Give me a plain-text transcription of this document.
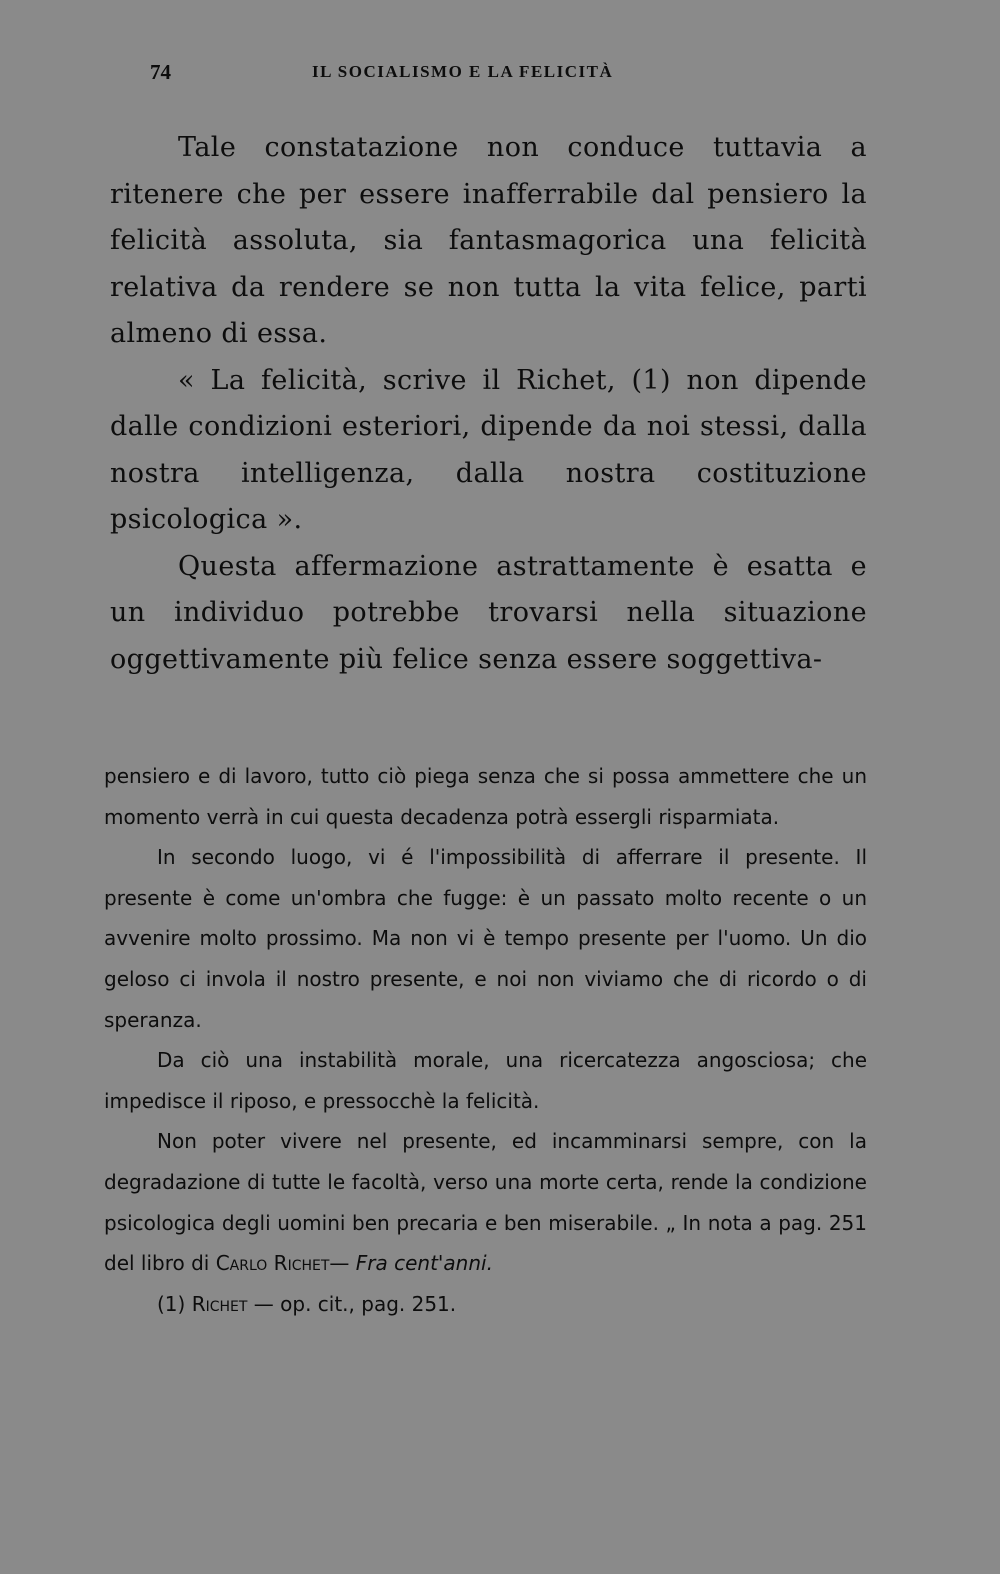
74	IL SOCIALISMO E LA FELICITÀ

Tale constatazione non conduce tuttavia a ritenere che per essere inafferrabile dal pensiero la felicità assoluta, sia fantasmagorica una felicità relativa da rendere se non tutta la vita felice, parti almeno di essa.

« La felicità, scrive il Richet, (1) non dipende dalle condizioni esteriori, dipende da noi stessi, dalla nostra intelligenza, dalla nostra costituzione psicologica ».

Questa affermazione astrattamente è esatta e un individuo potrebbe trovarsi nella situazione oggettivamente più felice senza essere soggettiva-

pensiero e di lavoro, tutto ciò piega senza che si possa ammettere che un momento verrà in cui questa decadenza potrà essergli risparmiata.

In secondo luogo, vi é l'impossibilità di afferrare il presente. Il presente è come un'ombra che fugge: è un passato molto recente o un avvenire molto prossimo. Ma non vi è tempo presente per l'uomo. Un dio geloso ci invola il nostro presente, e noi non viviamo che di ricordo o di speranza.

Da ciò una instabilità morale, una ricercatezza angosciosa; che impedisce il riposo, e pressocchè la felicità.

Non poter vivere nel presente, ed incamminarsi sempre, con la degradazione di tutte le facoltà, verso una morte certa, rende la condizione psicologica degli uomini ben precaria e ben miserabile. „ In nota a pag. 251 del libro di Carlo Richet— Fra cent'anni.

(1) Richet — op. cit., pag. 251.
